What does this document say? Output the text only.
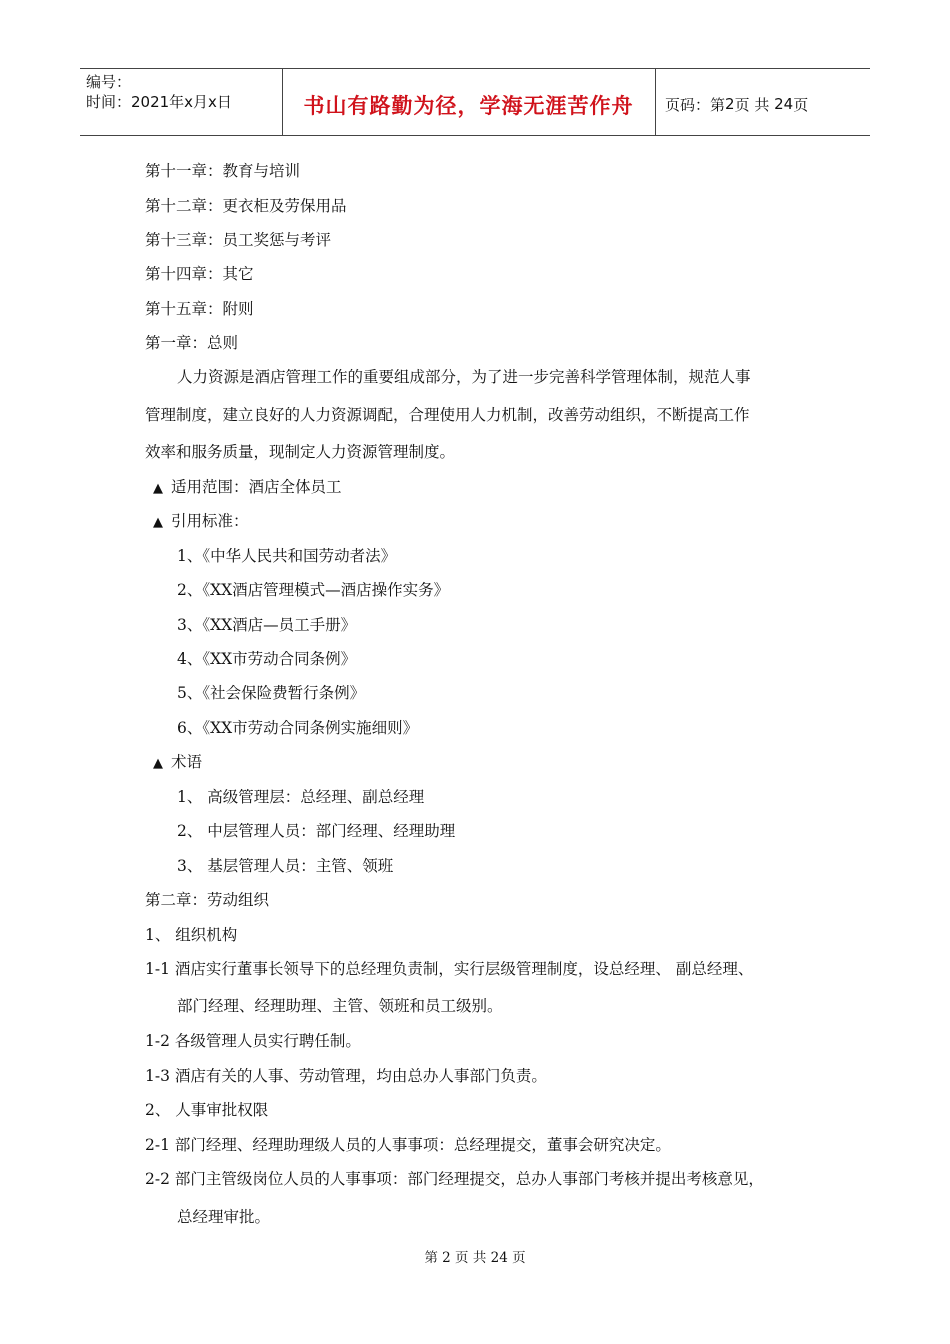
编号：
时间：2021年x月x日	书山有路勤为径，学海无涯苦作舟	页码：第 2 页 共
24 页
第十一章：教育与培训
第十二章：更衣柜及劳保用品
第十三章：员工奖惩与考评
第十四章：其它
第十五章：附则
第一章：总则
人力资源是酒店管理工作的重要组成部分，为了进一步完善科学管理体制，规范人事
管理制度，建立良好的人力资源调配，合理使用人力机制，改善劳动组织，不断提高工作
效率和服务质量，现制定人力资源管理制度。
▲ 适用范围：酒店全体员工
▲ 引用标准：
1、《中华人民共和国劳动者法》
2、《XX酒店管理模式—酒店操作实务》
3、《XX酒店—员工手册》
4、《XX市劳动合同条例》
5、《社会保险费暂行条例》
6、《XX市劳动合同条例实施细则》
▲ 术语
1、 高级管理层：总经理、副总经理
2、 中层管理人员：部门经理、经理助理
3、 基层管理人员：主管、领班
第二章：劳动组织
1、 组织机构
1-1 酒店实行董事长领导下的总经理负责制，实行层级管理制度，设总经理、 副总经理、
部门经理、经理助理、主管、领班和员工级别。
1-2 各级管理人员实行聘任制。
1-3 酒店有关的人事、劳动管理，均由总办人事部门负责。
2、 人事审批权限
2-1 部门经理、经理助理级人员的人事事项：总经理提交，董事会研究决定。
2-2 部门主管级岗位人员的人事事项：部门经理提交，总办人事部门考核并提出考核意见，
总经理审批。
第 2 页 共 24 页
